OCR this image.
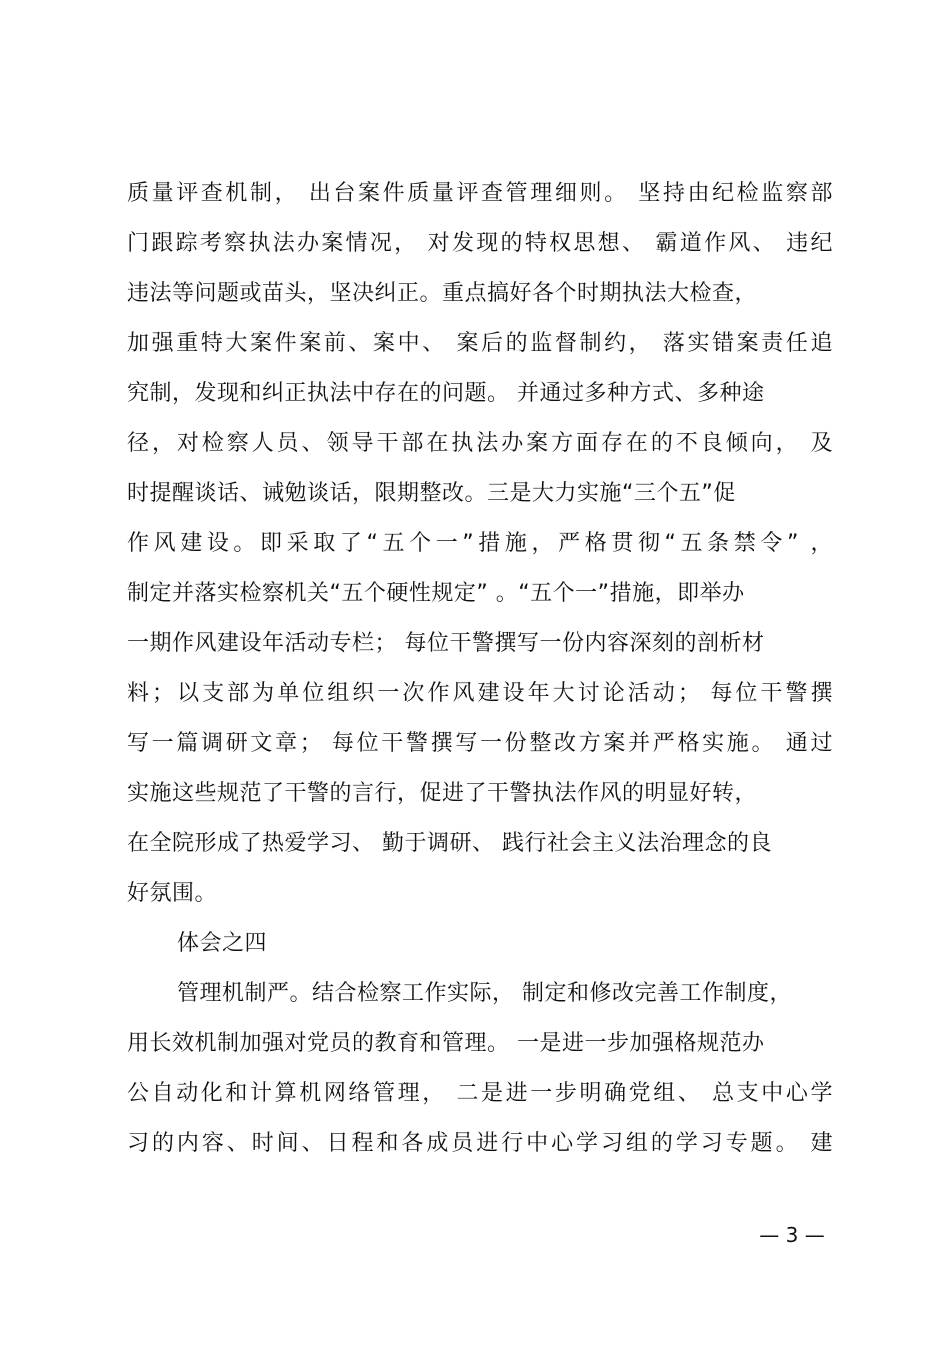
质量评查机制， 出台案件质量评查管理细则。 坚持由纪检监察部
门跟踪考察执法办案情况， 对发现的特权思想、 霸道作风、 违纪
违法等问题或苗头，坚决纠正。重点搞好各个时期执法大检查，
加强重特大案件案前、案中、 案后的监督制约， 落实错案责任追
究制，发现和纠正执法中存在的问题。 并通过多种方式、多种途
径，对检察人员、领导干部在执法办案方面存在的不良倾向， 及
时提醒谈话、诫勉谈话，限期整改。三是大力实施“三个五”促
作风建设。即采取了“五个一”措施，严格贯彻“五条禁令” ，
制定并落实检察机关“五个硬性规定” 。“五个一”措施，即举办
一期作风建设年活动专栏； 每位干警撰写一份内容深刻的剖析材
料；以支部为单位组织一次作风建设年大讨论活动； 每位干警撰
写一篇调研文章； 每位干警撰写一份整改方案并严格实施。 通过
实施这些规范了干警的言行，促进了干警执法作风的明显好转，
在全院形成了热爱学习、 勤于调研、 践行社会主义法治理念的良
好氛围。
体会之四
管理机制严。结合检察工作实际， 制定和修改完善工作制度，
用长效机制加强对党员的教育和管理。 一是进一步加强格规范办
公自动化和计算机网络管理， 二是进一步明确党组、 总支中心学
习的内容、时间、日程和各成员进行中心学习组的学习专题。 建
— 3 —
